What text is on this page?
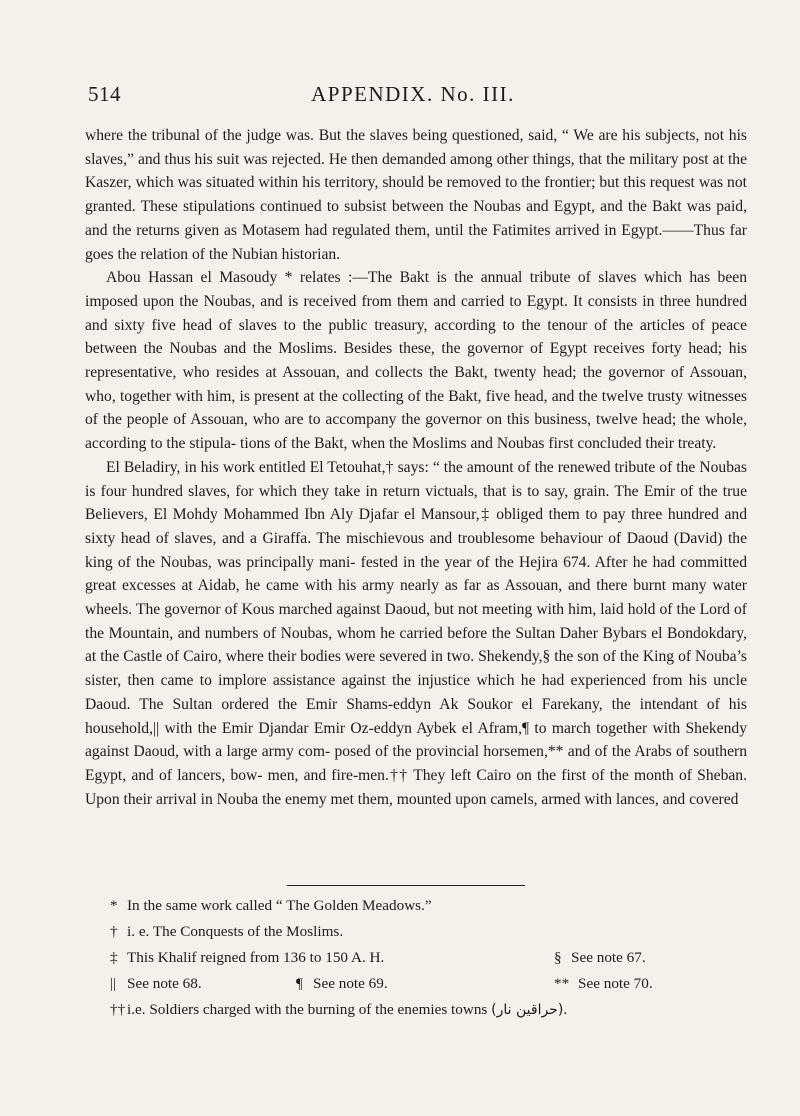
514	APPENDIX. No. III.

where the tribunal of the judge was. But the slaves being questioned, said, “ We are his subjects, not his slaves,” and thus his suit was rejected. He then demanded among other things, that the military post at the Kaszer, which was situated within his territory, should be removed to the frontier; but this request was not granted. These stipulations continued to subsist between the Noubas and Egypt, and the Bakt was paid, and the returns given as Motasem had regulated them, until the Fatimites arrived in Egypt.——Thus far goes the relation of the Nubian historian.

Abou Hassan el Masoudy * relates :—The Bakt is the annual tribute of slaves which has been imposed upon the Noubas, and is received from them and carried to Egypt. It consists in three hundred and sixty five head of slaves to the public treasury, according to the tenour of the articles of peace between the Noubas and the Moslims. Besides these, the governor of Egypt receives forty head; his representative, who resides at Assouan, and collects the Bakt, twenty head; the governor of Assouan, who, together with him, is present at the collecting of the Bakt, five head, and the twelve trusty witnesses of the people of Assouan, who are to accompany the governor on this business, twelve head; the whole, according to the stipula- tions of the Bakt, when the Moslims and Noubas first concluded their treaty.

El Beladiry, in his work entitled El Tetouhat,† says: “ the amount of the renewed tribute of the Noubas is four hundred slaves, for which they take in return victuals, that is to say, grain. The Emir of the true Believers, El Mohdy Mohammed Ibn Aly Djafar el Mansour,‡ obliged them to pay three hundred and sixty head of slaves, and a Giraffa. The mischievous and troublesome behaviour of Daoud (David) the king of the Noubas, was principally mani- fested in the year of the Hejira 674. After he had committed great excesses at Aidab, he came with his army nearly as far as Assouan, and there burnt many water wheels. The governor of Kous marched against Daoud, but not meeting with him, laid hold of the Lord of the Mountain, and numbers of Noubas, whom he carried before the Sultan Daher Bybars el Bondokdary, at the Castle of Cairo, where their bodies were severed in two. Shekendy,§ the son of the King of Nouba’s sister, then came to implore assistance against the injustice which he had experienced from his uncle Daoud. The Sultan ordered the Emir Shams-eddyn Ak Soukor el Farekany, the intendant of his household,|| with the Emir Djandar Emir Oz-eddyn Aybek el Afram,¶ to march together with Shekendy against Daoud, with a large army com- posed of the provincial horsemen,** and of the Arabs of southern Egypt, and of lancers, bow- men, and fire-men.†† They left Cairo on the first of the month of Sheban. Upon their arrival in Nouba the enemy met them, mounted upon camels, armed with lances, and covered

* In the same work called “ The Golden Meadows.”
† i. e. The Conquests of the Moslims.
‡ This Khalif reigned from 136 to 150 A. H.	§ See note 67.
|| See note 68.	¶ See note 69.	** See note 70.
†† i.e. Soldiers charged with the burning of the enemies towns (حراقين نار).
